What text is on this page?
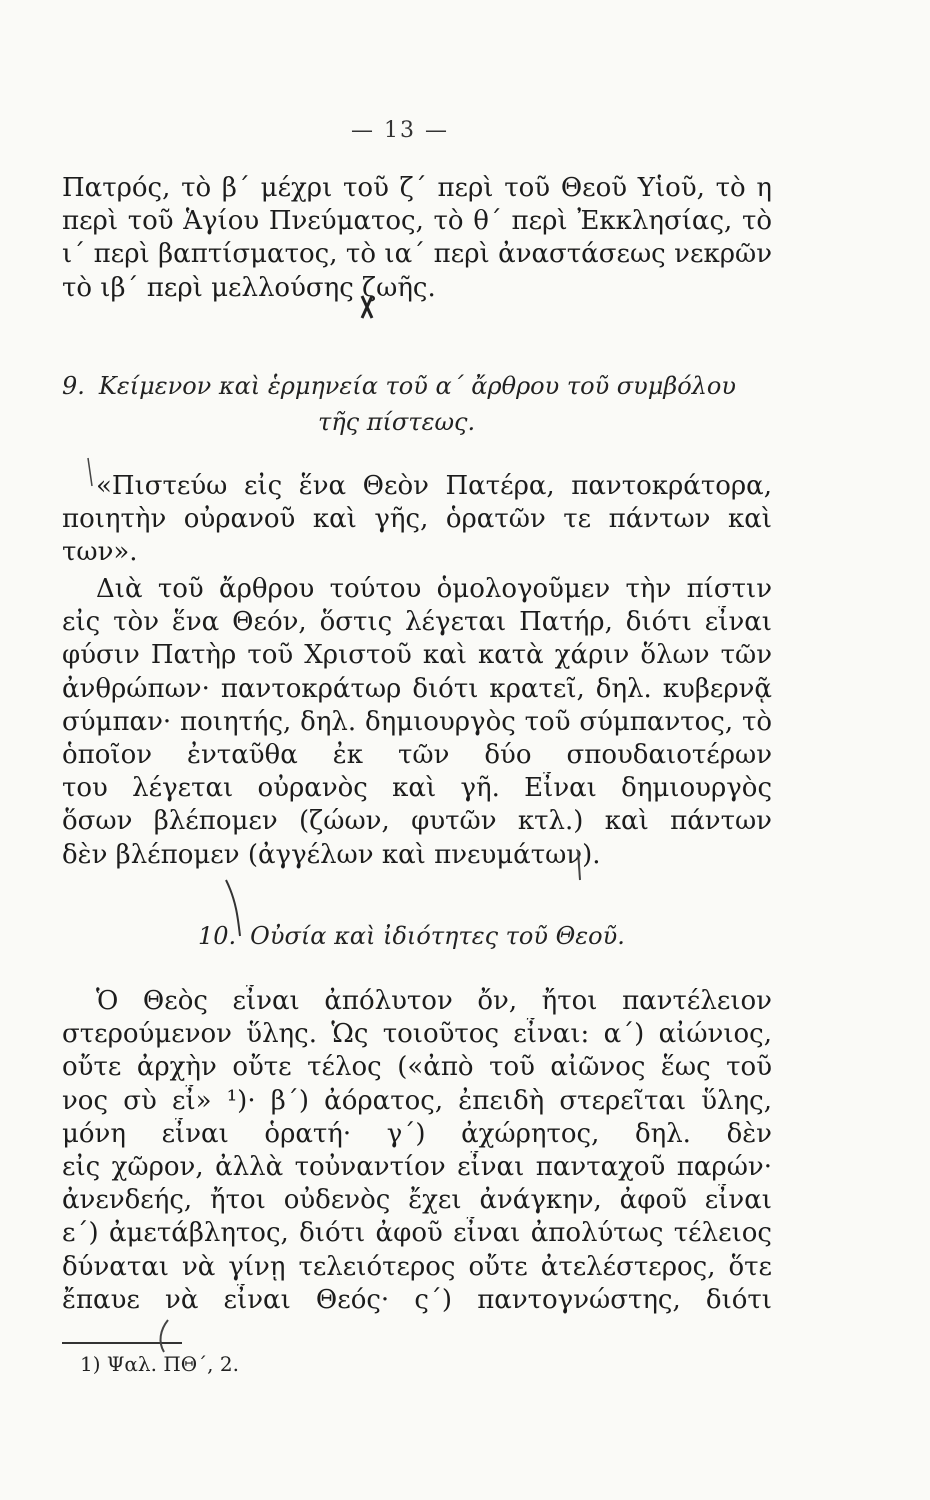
— 13 —
Πατρός, τὸ β΄ μέχρι τοῦ ζ΄ περὶ τοῦ Θεοῦ Υἱοῦ, τὸ η
περὶ τοῦ Ἁγίου Πνεύματος, τὸ θ΄ περὶ Ἐκκλησίας, τὸ
ι΄ περὶ βαπτίσματος, τὸ ια΄ περὶ ἀναστάσεως νεκρῶν
τὸ ιβ΄ περὶ μελλούσης ζωῆς.
9. Κείμενον καὶ ἑρμηνεία τοῦ α΄ ἄρθρου τοῦ συμβόλου
τῆς πίστεως.
«Πιστεύω εἰς ἕνα Θεὸν Πατέρα, παντοκράτορα,
ποιητὴν οὐρανοῦ καὶ γῆς, ὁρατῶν τε πάντων καὶ
των».
Διὰ τοῦ ἄρθρου τούτου ὁμολογοῦμεν τὴν πίστιν
εἰς τὸν ἕνα Θεόν, ὅστις λέγεται Πατήρ, διότι εἶναι
φύσιν Πατὴρ τοῦ Χριστοῦ καὶ κατὰ χάριν ὅλων τῶν
ἀνθρώπων· παντοκράτωρ διότι κρατεῖ, δηλ. κυβερνᾷ
σύμπαν· ποιητής, δηλ. δημιουργὸς τοῦ σύμπαντος, τὸ
ὁποῖον ἐνταῦθα ἐκ τῶν δύο σπουδαιοτέρων
του λέγεται οὐρανὸς καὶ γῆ. Εἶναι δημιουργὸς
ὅσων βλέπομεν (ζώων, φυτῶν κτλ.) καὶ πάντων
δὲν βλέπομεν (ἀγγέλων καὶ πνευμάτων).
10. Οὐσία καὶ ἰδιότητες τοῦ Θεοῦ.
Ὁ Θεὸς εἶναι ἀπόλυτον ὄν, ἤτοι παντέλειον
στερούμενον ὕλης. Ὡς τοιοῦτος εἶναι: α΄) αἰώνιος,
οὔτε ἀρχὴν οὔτε τέλος («ἀπὸ τοῦ αἰῶνος ἕως τοῦ
νος σὺ εἶ» ¹)· β΄) ἀόρατος, ἐπειδὴ στερεῖται ὕλης,
μόνη εἶναι ὁρατή· γ΄) ἀχώρητος, δηλ. δὲν
εἰς χῶρον, ἀλλὰ τοὐναντίον εἶναι πανταχοῦ παρών·
ἀνενδεής, ἤτοι οὐδενὸς ἔχει ἀνάγκην, ἀφοῦ εἶναι
ε΄) ἀμετάβλητος, διότι ἀφοῦ εἶναι ἀπολύτως τέλειος
δύναται νὰ γίνῃ τελειότερος οὔτε ἀτελέστερος, ὅτε
ἔπαυε νὰ εἶναι Θεός· ς΄) παντογνώστης, διότι
1) Ψαλ. ΠΘ΄, 2.
